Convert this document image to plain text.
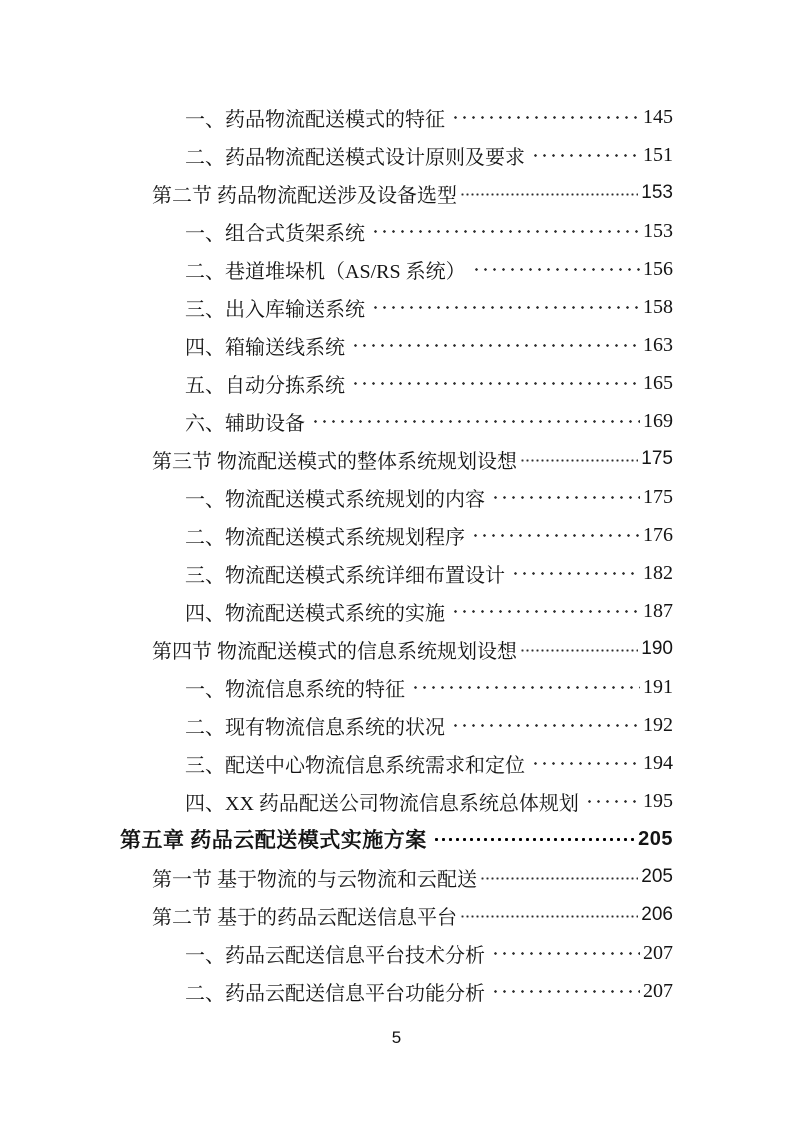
一、药品物流配送模式的特征	145
二、药品物流配送模式设计原则及要求	151
第二节 药品物流配送涉及设备选型	153
一、组合式货架系统	153
二、巷道堆垛机（AS/RS 系统）	156
三、出入库输送系统	158
四、箱输送线系统	163
五、自动分拣系统	165
六、辅助设备	169
第三节 物流配送模式的整体系统规划设想	175
一、物流配送模式系统规划的内容	175
二、物流配送模式系统规划程序	176
三、物流配送模式系统详细布置设计	182
四、物流配送模式系统的实施	187
第四节 物流配送模式的信息系统规划设想	190
一、物流信息系统的特征	191
二、现有物流信息系统的状况	192
三、配送中心物流信息系统需求和定位	194
四、XX 药品配送公司物流信息系统总体规划	195
第五章 药品云配送模式实施方案	205
第一节 基于物流的与云物流和云配送	205
第二节 基于的药品云配送信息平台	206
一、药品云配送信息平台技术分析	207
二、药品云配送信息平台功能分析	207
5
